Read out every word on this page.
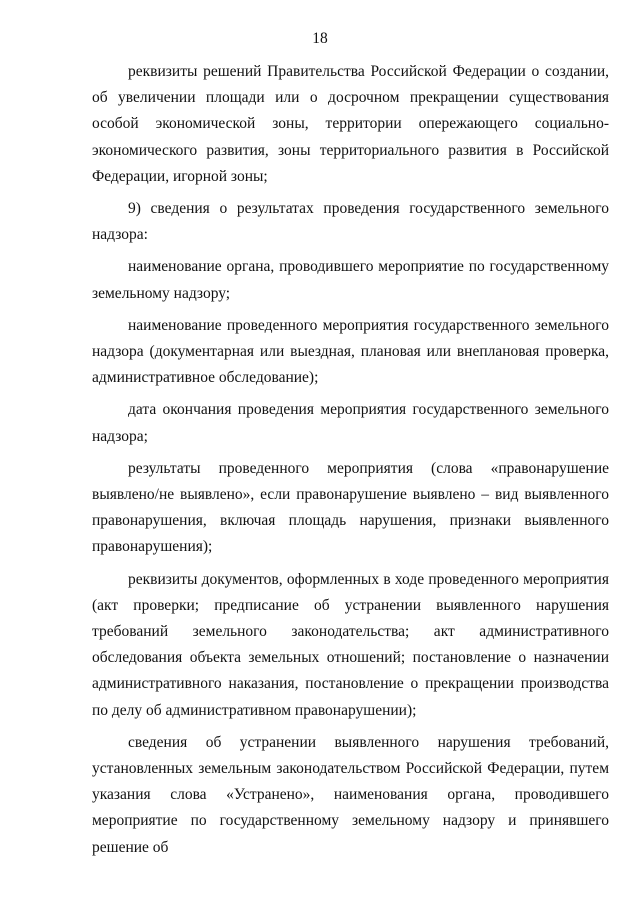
18

реквизиты решений Правительства Российской Федерации о создании, об увеличении площади или о досрочном прекращении существования особой экономической зоны, территории опережающего социально-экономического развития, зоны территориального развития в Российской Федерации, игорной зоны;

9) сведения о результатах проведения государственного земельного надзора:

наименование органа, проводившего мероприятие по государственному земельному надзору;

наименование проведенного мероприятия государственного земельного надзора (документарная или выездная, плановая или внеплановая проверка, административное обследование);

дата окончания проведения мероприятия государственного земельного надзора;

результаты проведенного мероприятия (слова «правонарушение выявлено/не выявлено», если правонарушение выявлено – вид выявленного правонарушения, включая площадь нарушения, признаки выявленного правонарушения);

реквизиты документов, оформленных в ходе проведенного мероприятия (акт проверки; предписание об устранении выявленного нарушения требований земельного законодательства; акт административного обследования объекта земельных отношений; постановление о назначении административного наказания, постановление о прекращении производства по делу об административном правонарушении);

сведения об устранении выявленного нарушения требований, установленных земельным законодательством Российской Федерации, путем указания слова «Устранено», наименования органа, проводившего мероприятие по государственному земельному надзору и принявшего решение об
